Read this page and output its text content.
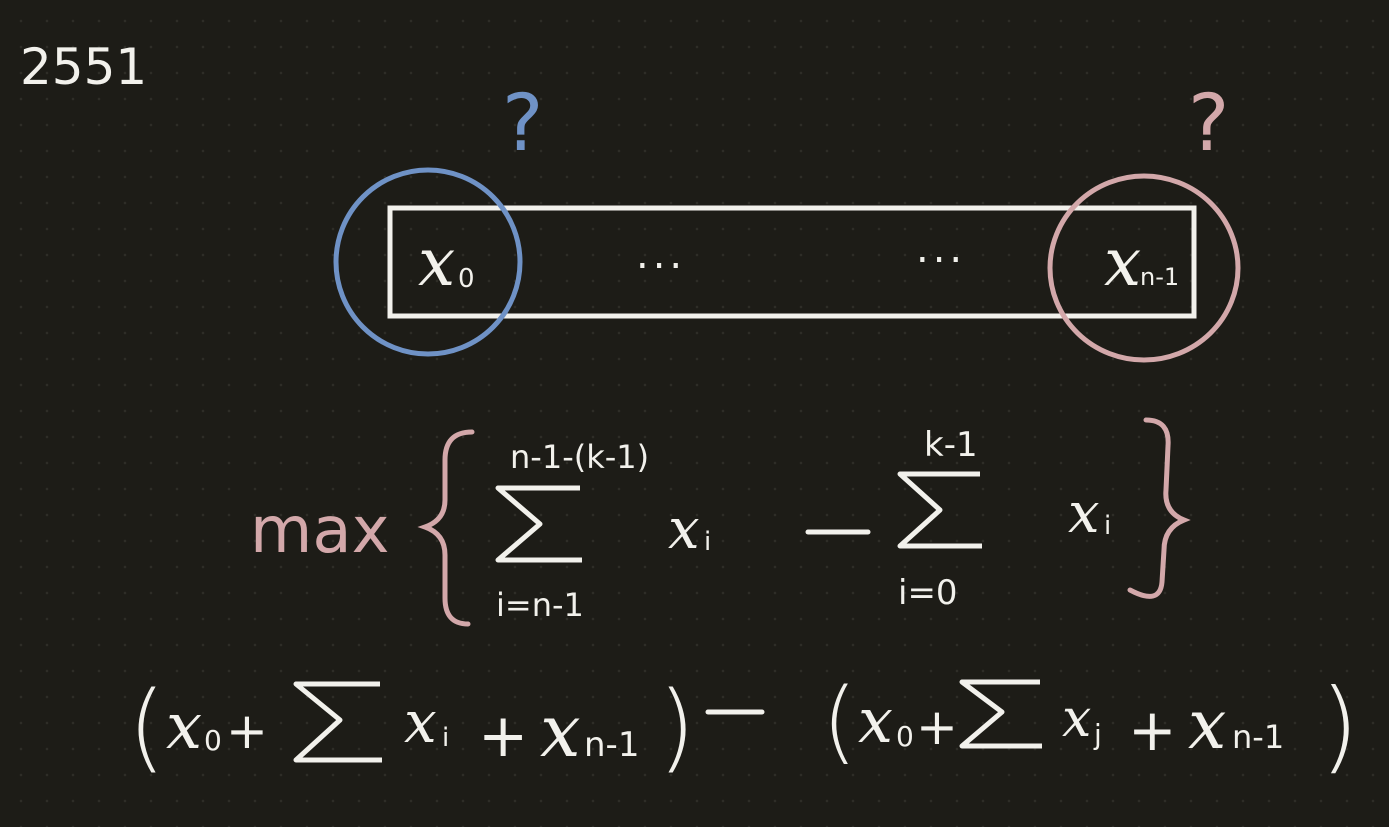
2551
?	?
x 0
...	... x
n-1
max
n-1-(k-1)
i=n-1
x i
k-1
i=0
x i
( x 0 + x i + x n-1 ) ( x 0 + x j + x n-1 )
